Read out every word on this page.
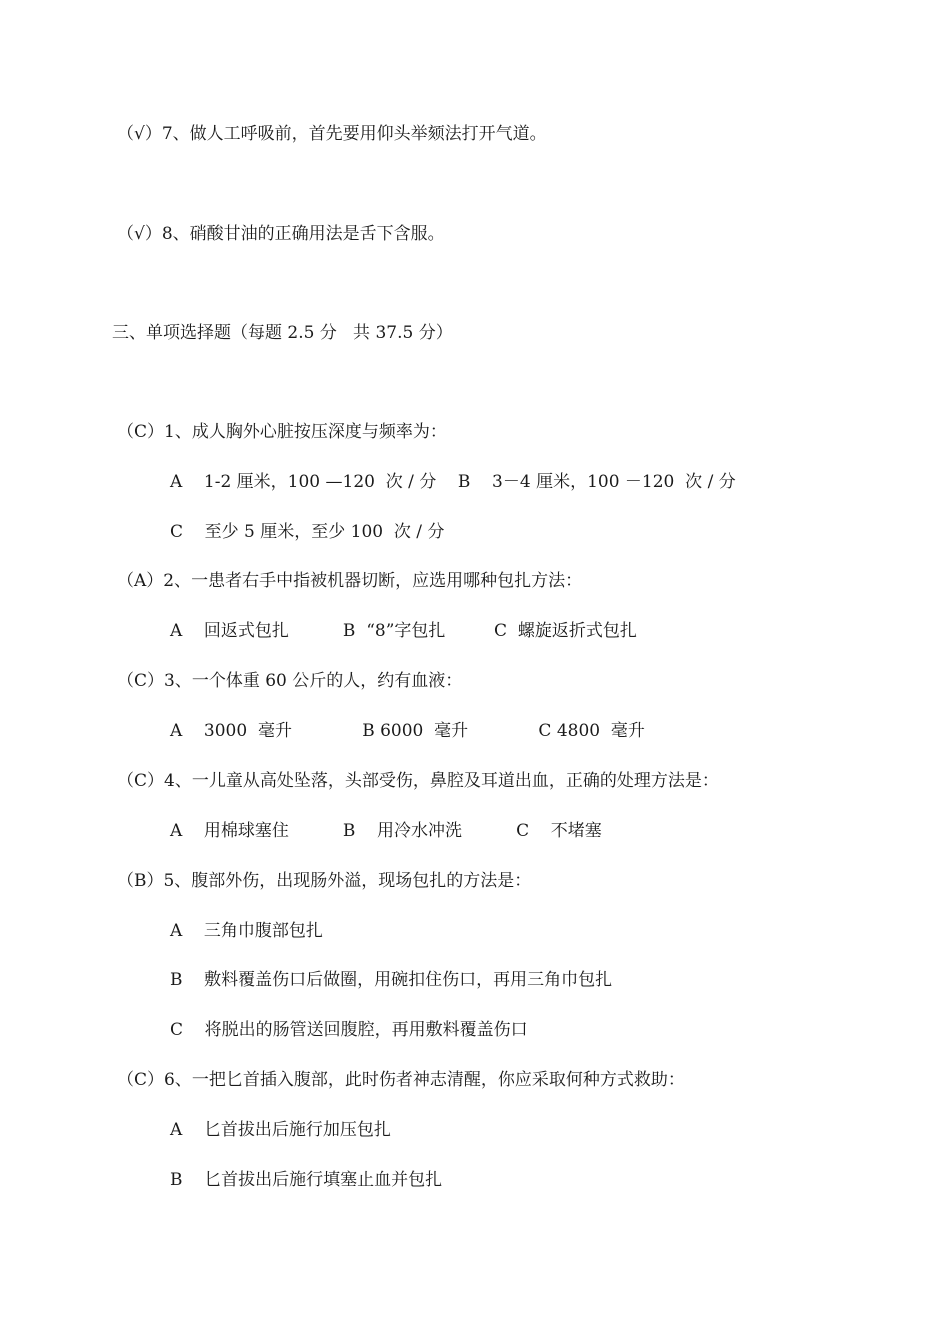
（√）7、做人工呼吸前，首先要用仰头举颏法打开气道。
（√）8、硝酸甘油的正确用法是舌下含服。
三、单项选择题（每题 2.5 分   共 37.5 分）
（C）1、成人胸外心脏按压深度与频率为：
A    1-2 厘米，100 —120  次 / 分    B    3－4 厘米，100 －120  次 / 分
C    至少 5 厘米，至少 100  次 / 分
（A）2、一患者右手中指被机器切断，应选用哪种包扎方法：
A    回返式包扎          B  “8”字包扎         C  螺旋返折式包扎
（C）3、一个体重 60 公斤的人，约有血液：
A    3000  毫升             B 6000  毫升             C 4800  毫升
（C）4、一儿童从高处坠落，头部受伤，鼻腔及耳道出血，正确的处理方法是：
A    用棉球塞住          B    用冷水冲洗          C    不堵塞
（B）5、腹部外伤，出现肠外溢，现场包扎的方法是：
A    三角巾腹部包扎
B    敷料覆盖伤口后做圈，用碗扣住伤口，再用三角巾包扎
C    将脱出的肠管送回腹腔，再用敷料覆盖伤口
（C）6、一把匕首插入腹部，此时伤者神志清醒，你应采取何种方式救助：
A    匕首拔出后施行加压包扎
B    匕首拔出后施行填塞止血并包扎
